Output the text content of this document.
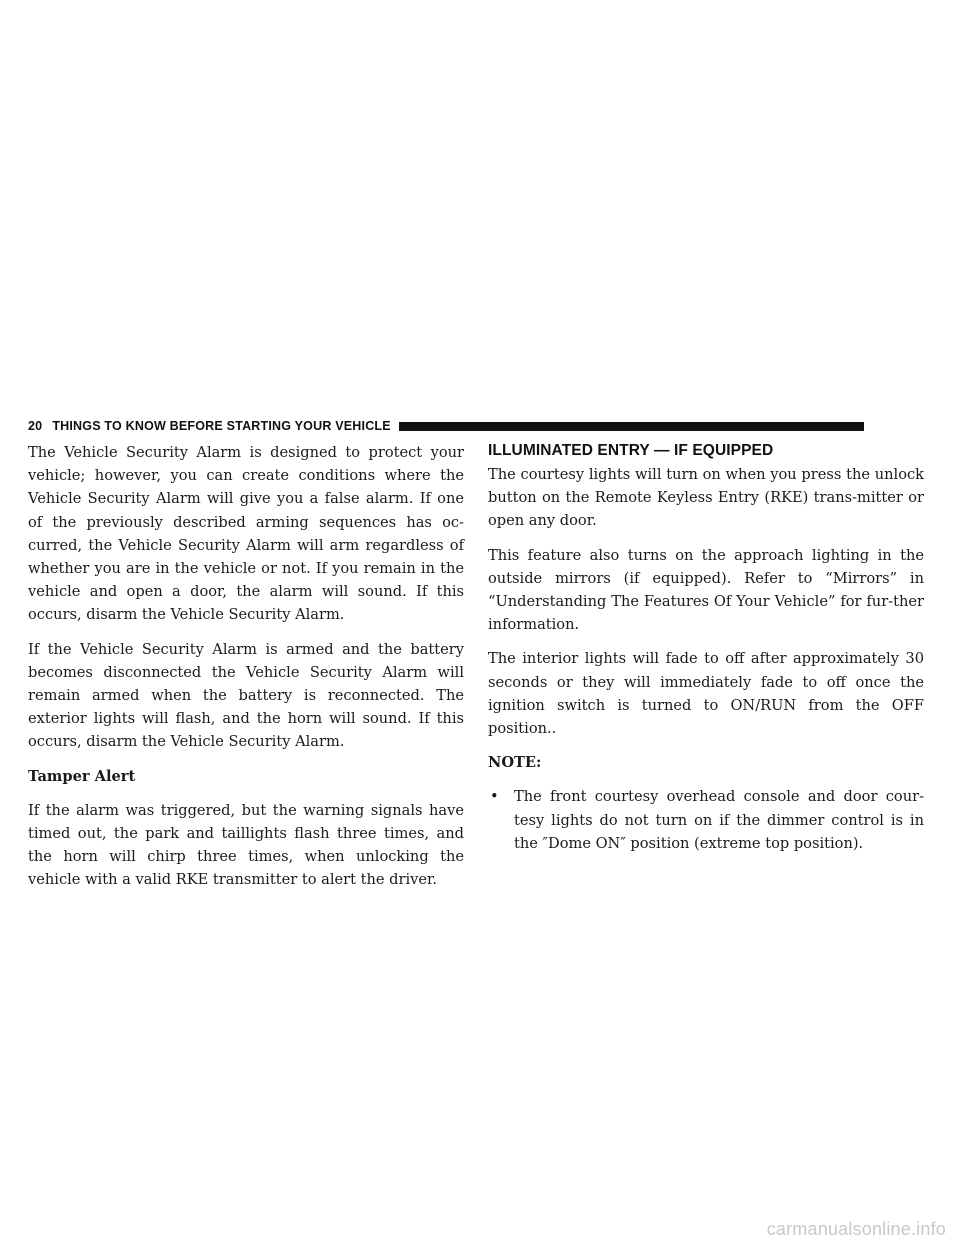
20 THINGS TO KNOW BEFORE STARTING YOUR VEHICLE

The Vehicle Security Alarm is designed to protect your vehicle; however, you can create conditions where the Vehicle Security Alarm will give you a false alarm. If one of the previously described arming sequences has oc-curred, the Vehicle Security Alarm will arm regardless of whether you are in the vehicle or not. If you remain in the vehicle and open a door, the alarm will sound. If this occurs, disarm the Vehicle Security Alarm.

If the Vehicle Security Alarm is armed and the battery becomes disconnected the Vehicle Security Alarm will remain armed when the battery is reconnected. The exterior lights will flash, and the horn will sound. If this occurs, disarm the Vehicle Security Alarm.

Tamper Alert

If the alarm was triggered, but the warning signals have timed out, the park and taillights flash three times, and the horn will chirp three times, when unlocking the vehicle with a valid RKE transmitter to alert the driver.

ILLUMINATED ENTRY — IF EQUIPPED

The courtesy lights will turn on when you press the unlock button on the Remote Keyless Entry (RKE) trans-mitter or open any door.

This feature also turns on the approach lighting in the outside mirrors (if equipped). Refer to “Mirrors” in “Understanding The Features Of Your Vehicle” for fur-ther information.

The interior lights will fade to off after approximately 30 seconds or they will immediately fade to off once the ignition switch is turned to ON/RUN from the OFF position..

NOTE:

•	The front courtesy overhead console and door cour-tesy lights do not turn on if the dimmer control is in the ″Dome ON″ position (extreme top position).
carmanualsonline.info
